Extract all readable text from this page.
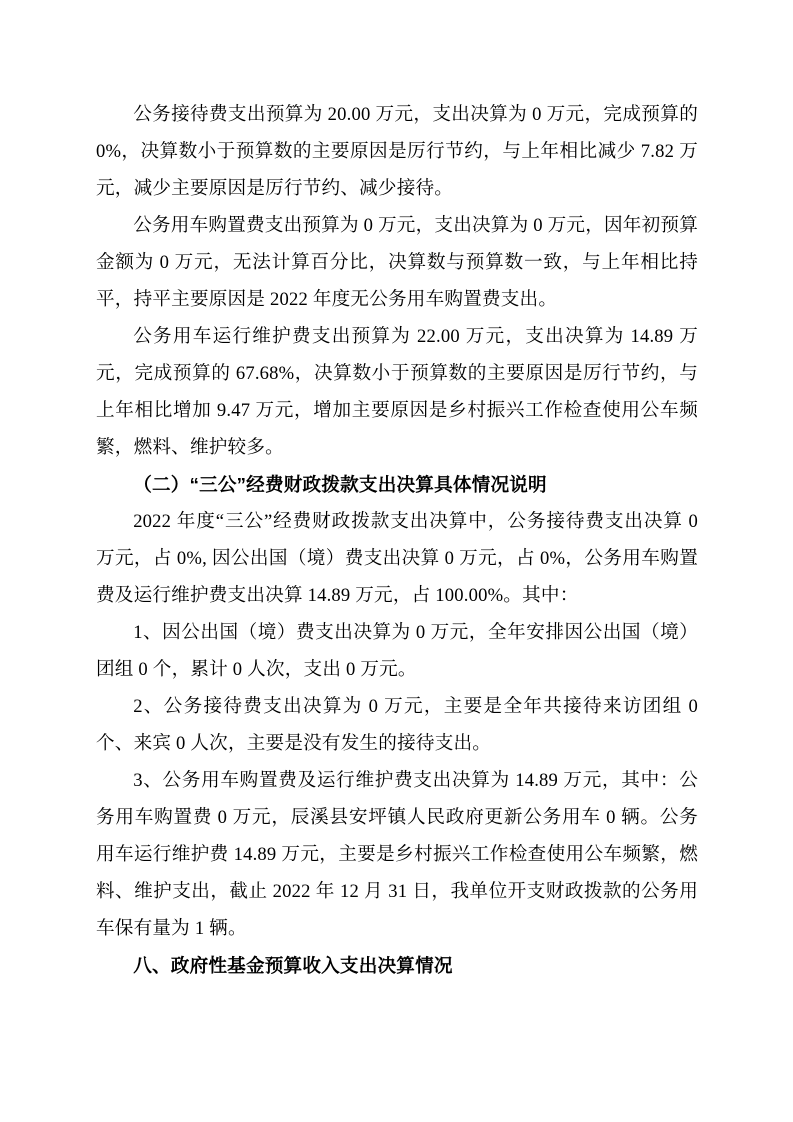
公务接待费支出预算为 20.00 万元，支出决算为 0 万元，完成预算的 0%，决算数小于预算数的主要原因是厉行节约，与上年相比减少 7.82 万元，减少主要原因是厉行节约、减少接待。

公务用车购置费支出预算为 0 万元，支出决算为 0 万元，因年初预算金额为 0 万元，无法计算百分比，决算数与预算数一致，与上年相比持平，持平主要原因是 2022 年度无公务用车购置费支出。

公务用车运行维护费支出预算为 22.00 万元，支出决算为 14.89 万元，完成预算的 67.68%，决算数小于预算数的主要原因是厉行节约，与上年相比增加 9.47 万元，增加主要原因是乡村振兴工作检查使用公车频繁，燃料、维护较多。

（二）“三公”经费财政拨款支出决算具体情况说明

2022 年度“三公”经费财政拨款支出决算中，公务接待费支出决算 0 万元，占 0%, 因公出国（境）费支出决算 0 万元，占 0%，公务用车购置费及运行维护费支出决算 14.89 万元，占 100.00%。其中：

1、因公出国（境）费支出决算为 0 万元，全年安排因公出国（境）团组 0 个，累计 0 人次，支出 0 万元。

2、公务接待费支出决算为 0 万元，主要是全年共接待来访团组 0 个、来宾 0 人次，主要是没有发生的接待支出。

3、公务用车购置费及运行维护费支出决算为 14.89 万元，其中：公务用车购置费 0 万元，辰溪县安坪镇人民政府更新公务用车 0 辆。公务用车运行维护费 14.89 万元，主要是乡村振兴工作检查使用公车频繁，燃料、维护支出，截止 2022 年 12 月 31 日，我单位开支财政拨款的公务用车保有量为 1 辆。

八、政府性基金预算收入支出决算情况
